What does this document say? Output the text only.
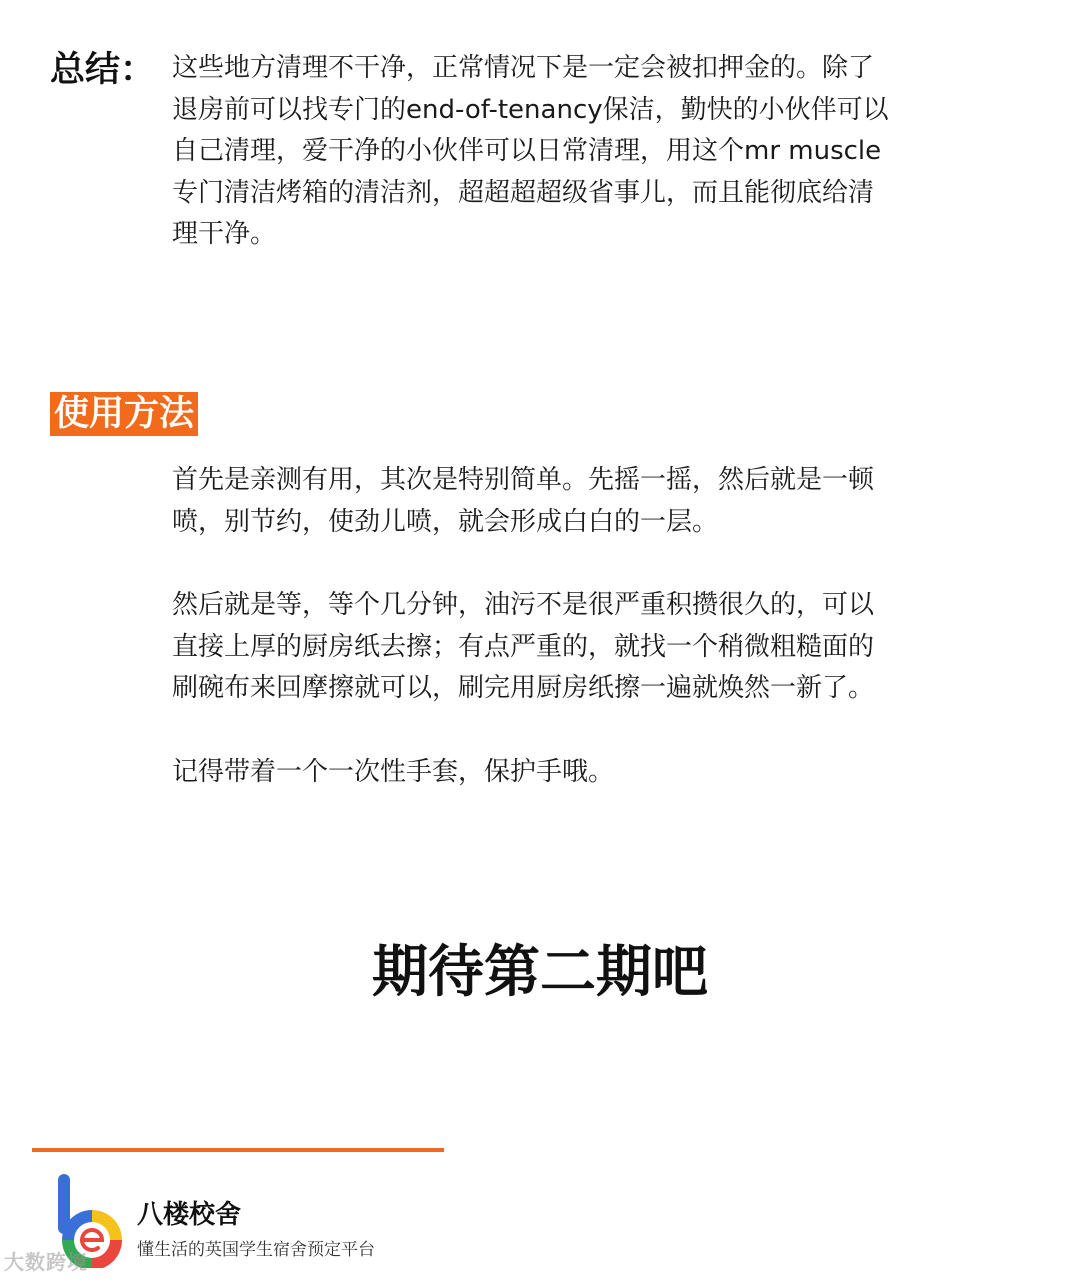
总结： 这些地方清理不干净，正常情况下是一定会被扣押金的。除了退房前可以找专门的end-of-tenancy保洁，勤快的小伙伴可以自己清理，爱干净的小伙伴可以日常清理，用这个mr muscle专门清洁烤箱的清洁剂，超超超超级省事儿，而且能彻底给清理干净。
使用方法

首先是亲测有用，其次是特别简单。先摇一摇，然后就是一顿喷，别节约，使劲儿喷，就会形成白白的一层。

然后就是等，等个几分钟，油污不是很严重积攒很久的，可以直接上厚的厨房纸去擦；有点严重的，就找一个稍微粗糙面的刷碗布来回摩擦就可以，刷完用厨房纸擦一遍就焕然一新了。

记得带着一个一次性手套，保护手哦。

期待第二期吧
八楼校舍
懂生活的英国学生宿舍预定平台
大数跨境
